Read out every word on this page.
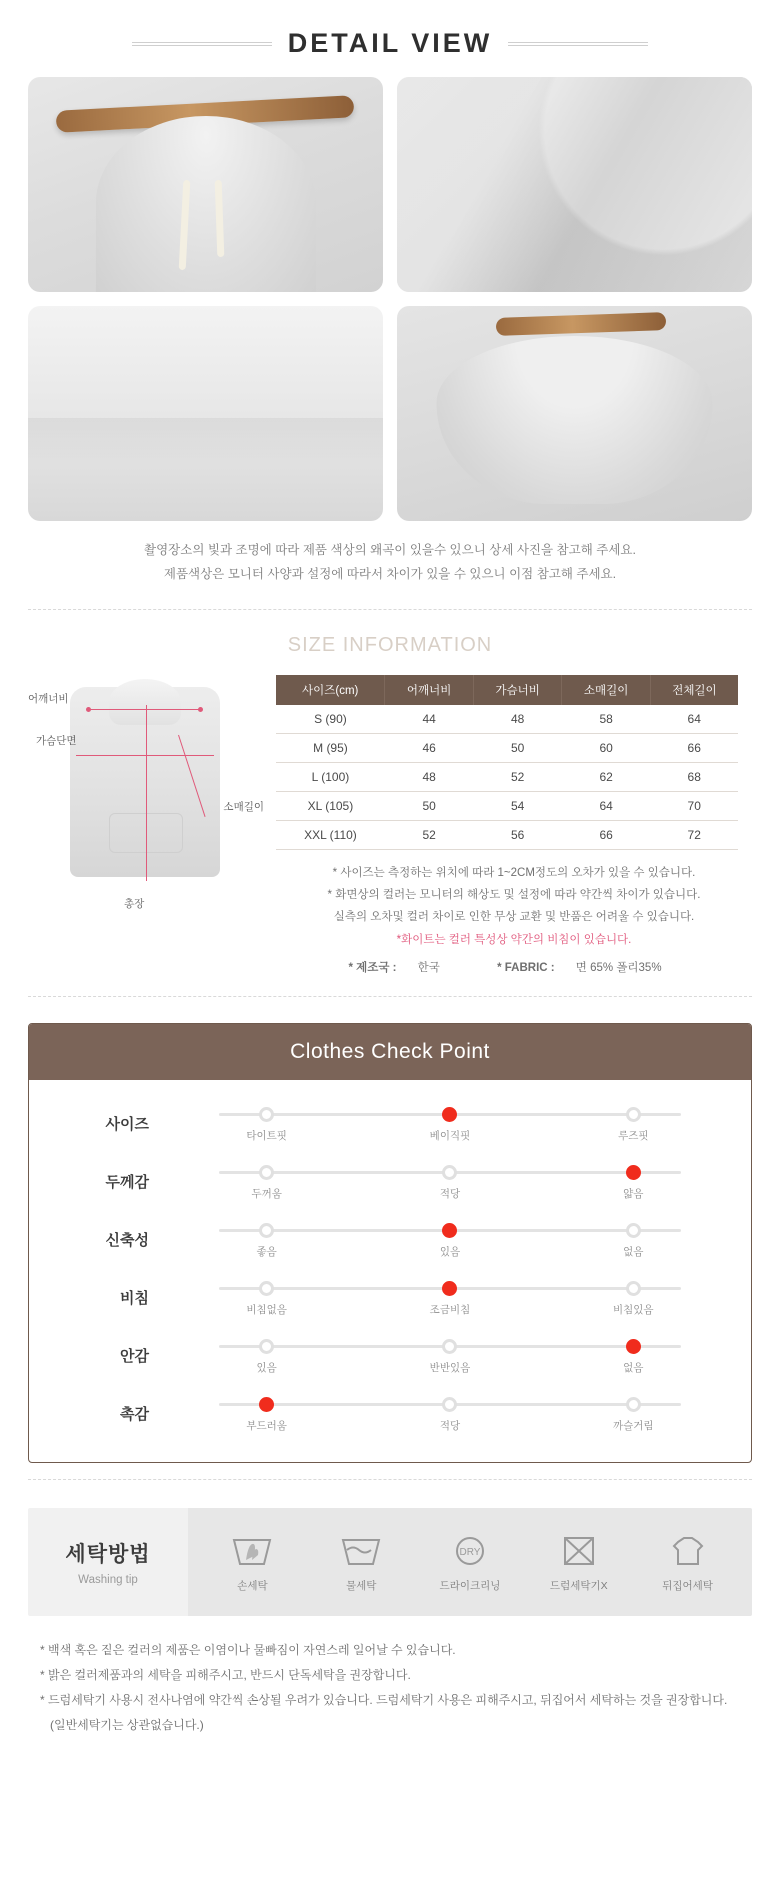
DETAIL VIEW
촬영장소의 빛과 조명에 따라 제품 색상의 왜곡이 있을수 있으니 상세 사진을 참고해 주세요.
제품색상은 모니터 사양과 설정에 따라서 차이가 있을 수 있으니 이점 참고해 주세요.
SIZE INFORMATION
어깨너비
가슴단면
소매길이
총장
사이즈(cm)	어깨너비	가슴너비	소매길이	전체길이
S (90)	44	48	58	64
M (95)	46	50	60	66
L (100)	48	52	62	68
XL (105)	50	54	64	70
XXL (110)	52	56	66	72
* 사이즈는 측정하는 위치에 따라 1~2CM정도의 오차가 있을 수 있습니다.
* 화면상의 컬러는 모니터의 해상도 및 설정에 따라 약간씩 차이가 있습니다.
실측의 오차및 컬러 차이로 인한 무상 교환 및 반품은 어려울 수 있습니다.
*화이트는 컬러 특성상 약간의 비침이 있습니다.
* 제조국 : 한국	* FABRIC : 면 65% 폴리35%
Clothes Check Point
사이즈
타이트핏	베이직핏	루즈핏
두께감
두꺼움	적당	얇음
신축성
좋음	있음	없음
비침
비침없음	조금비침	비침있음
안감
있음	반반있음	없음
촉감
부드러움	적당	까슬거림
세탁방법
Washing tip	손세탁	물세탁
DRY
드라이크리닝	드럼세탁기X	뒤집어세탁
* 백색 혹은 짙은 컬러의 제품은 이염이나 물빠짐이 자연스레 일어날 수 있습니다.
* 밝은 컬러제품과의 세탁을 피해주시고, 반드시 단독세탁을 권장합니다.
* 드럼세탁기 사용시 전사나염에 약간씩 손상될 우려가 있습니다. 드럼세탁기 사용은 피해주시고, 뒤집어서 세탁하는 것을 권장합니다.
(일반세탁기는 상관없습니다.)
